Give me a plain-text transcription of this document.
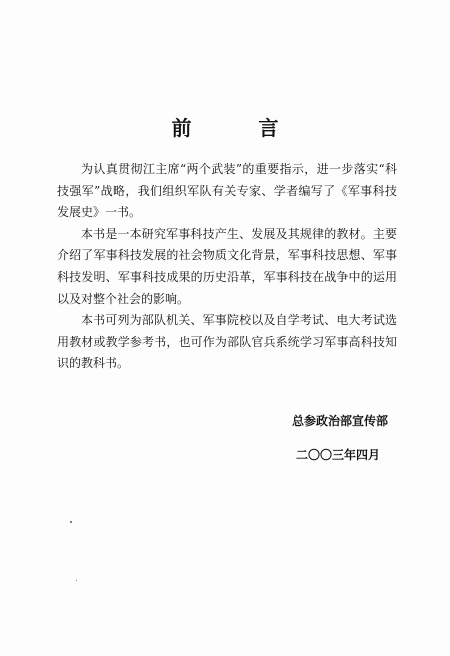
前 言

为认真贯彻江主席“两个武装”的重要指示，进一步落实“科技强军”战略，我们组织军队有关专家、学者编写了《军事科技发展史》一书。

本书是一本研究军事科技产生、发展及其规律的教材。主要介绍了军事科技发展的社会物质文化背景，军事科技思想、军事科技发明、军事科技成果的历史沿革，军事科技在战争中的运用以及对整个社会的影响。

本书可列为部队机关、军事院校以及自学考试、电大考试选用教材或教学参考书，也可作为部队官兵系统学习军事高科技知识的教科书。

总参政治部宣传部
二〇〇三年四月
